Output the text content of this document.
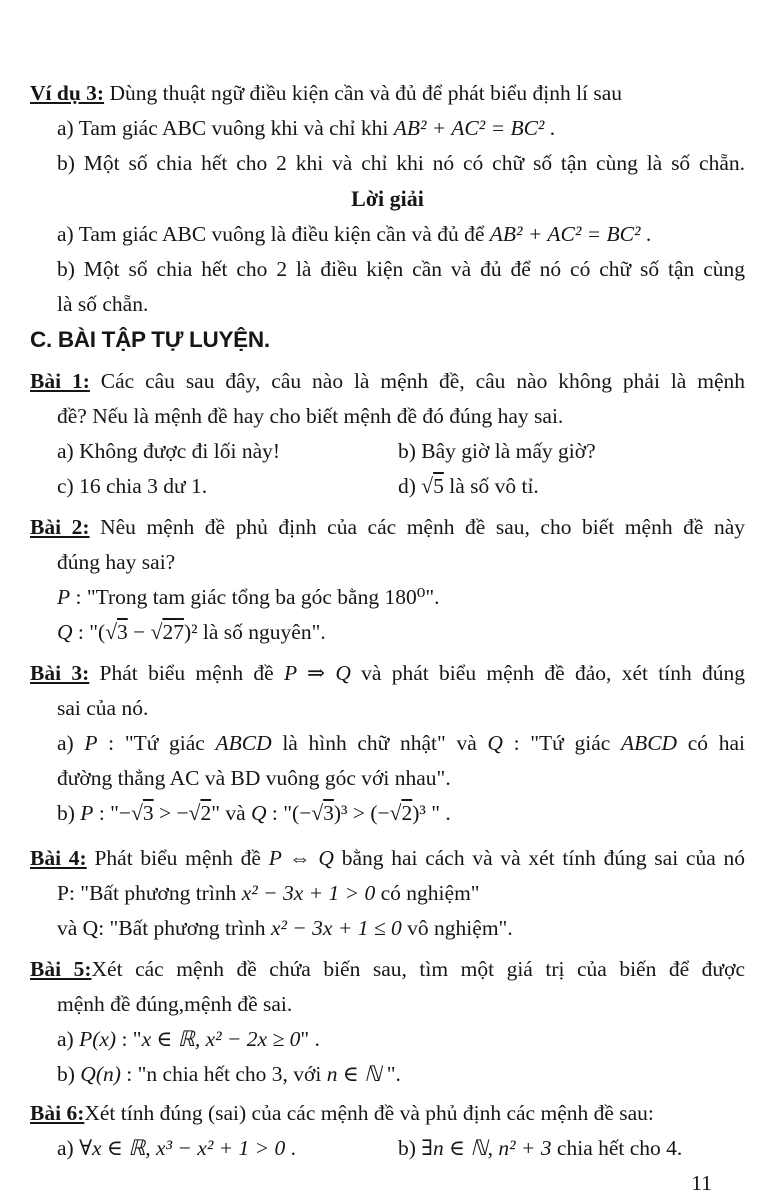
Ví dụ 3: Dùng thuật ngữ điều kiện cần và đủ để phát biểu định lí sau
a) Tam giác ABC vuông khi và chỉ khi AB² + AC² = BC² .
b) Một số chia hết cho 2 khi và chỉ khi nó có chữ số tận cùng là số chẵn.
Lời giải
a) Tam giác ABC vuông là điều kiện cần và đủ để AB² + AC² = BC² .
b) Một số chia hết cho 2 là điều kiện cần và đủ để nó có chữ số tận cùng
là số chẵn.
C. BÀI TẬP TỰ LUYỆN.
Bài 1: Các câu sau đây, câu nào là mệnh đề, câu nào không phải là mệnh
đề? Nếu là mệnh đề hay cho biết mệnh đề đó đúng hay sai.
a) Không được đi lối này!	b) Bây giờ là mấy giờ?
c) 16 chia 3 dư 1.	d) √5 là số vô tỉ.
Bài 2: Nêu mệnh đề phủ định của các mệnh đề sau, cho biết mệnh đề này
đúng hay sai?
P : "Trong tam giác tổng ba góc bằng 180⁰".
Q : "(√3 − √27)² là số nguyên".
Bài 3: Phát biểu mệnh đề P ⇒ Q và phát biểu mệnh đề đảo, xét tính đúng
sai của nó.
a) P : "Tứ giác ABCD là hình chữ nhật" và Q : "Tứ giác ABCD có hai
đường thẳng AC và BD vuông góc với nhau".
b) P : "−√3 > −√2" và Q : "(−√3)³ > (−√2)³ " .
Bài 4: Phát biểu mệnh đề P ⇔ Q bằng hai cách và và xét tính đúng sai của nó
P: "Bất phương trình x² − 3x + 1 > 0 có nghiệm"
và Q: "Bất phương trình x² − 3x + 1 ≤ 0 vô nghiệm".
Bài 5:Xét các mệnh đề chứa biến sau, tìm một giá trị của biến để được
mệnh đề đúng,mệnh đề sai.
a) P(x) : "x ∈ ℝ, x² − 2x ≥ 0" .
b) Q(n) : "n chia hết cho 3, với n ∈ ℕ ".
Bài 6:Xét tính đúng (sai) của các mệnh đề và phủ định các mệnh đề sau:
a) ∀x ∈ ℝ, x³ − x² + 1 > 0 .	b) ∃n ∈ ℕ, n² + 3 chia hết cho 4.
11
